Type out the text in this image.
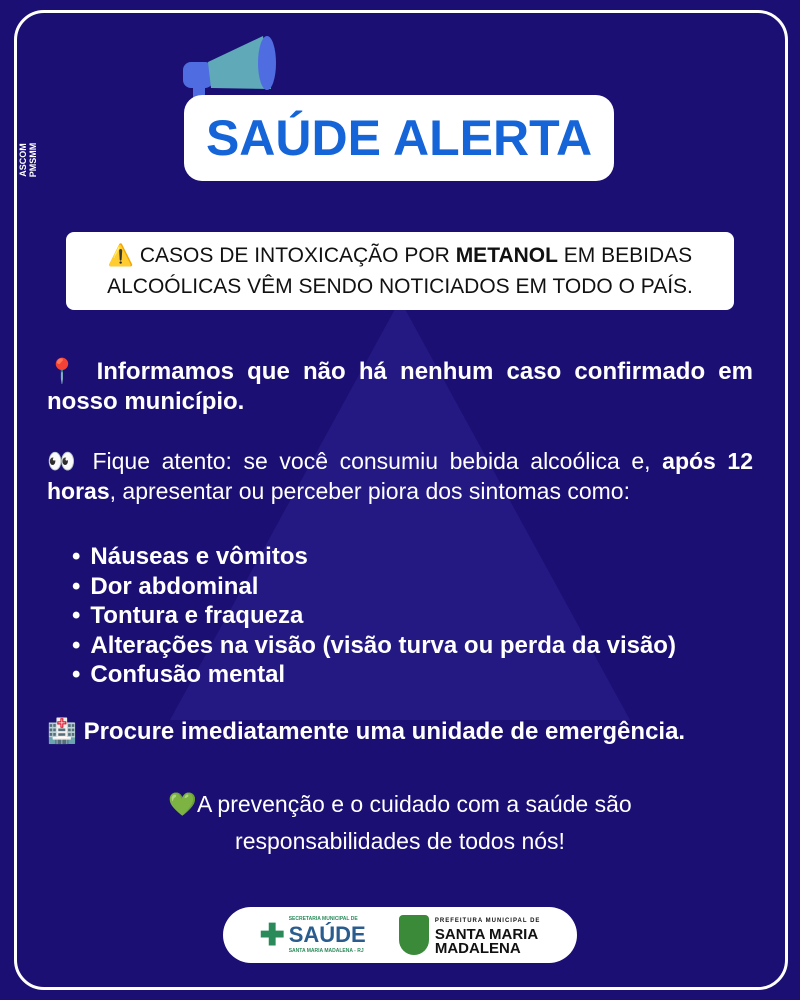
ASCOM PMSMM	SAÚDE ALERTA
⚠️ CASOS DE INTOXICAÇÃO POR METANOL EM BEBIDAS ALCOÓLICAS VÊM SENDO NOTICIADOS EM TODO O PAÍS.
📍 Informamos que não há nenhum caso confirmado em nosso município.
👀 Fique atento: se você consumiu bebida alcoólica e, após 12 horas, apresentar ou perceber piora dos sintomas como:
• Náuseas e vômitos
• Dor abdominal
• Tontura e fraqueza
• Alterações na visão (visão turva ou perda da visão)
• Confusão mental
🏥 Procure imediatamente uma unidade de emergência.
💚A prevenção e o cuidado com a saúde são responsabilidades de todos nós!
✚ SECRETARIA MUNICIPAL DE
SAÚDE
SANTA MARIA MADALENA - RJ
PREFEITURA MUNICIPAL DE
SANTA MARIA
MADALENA
